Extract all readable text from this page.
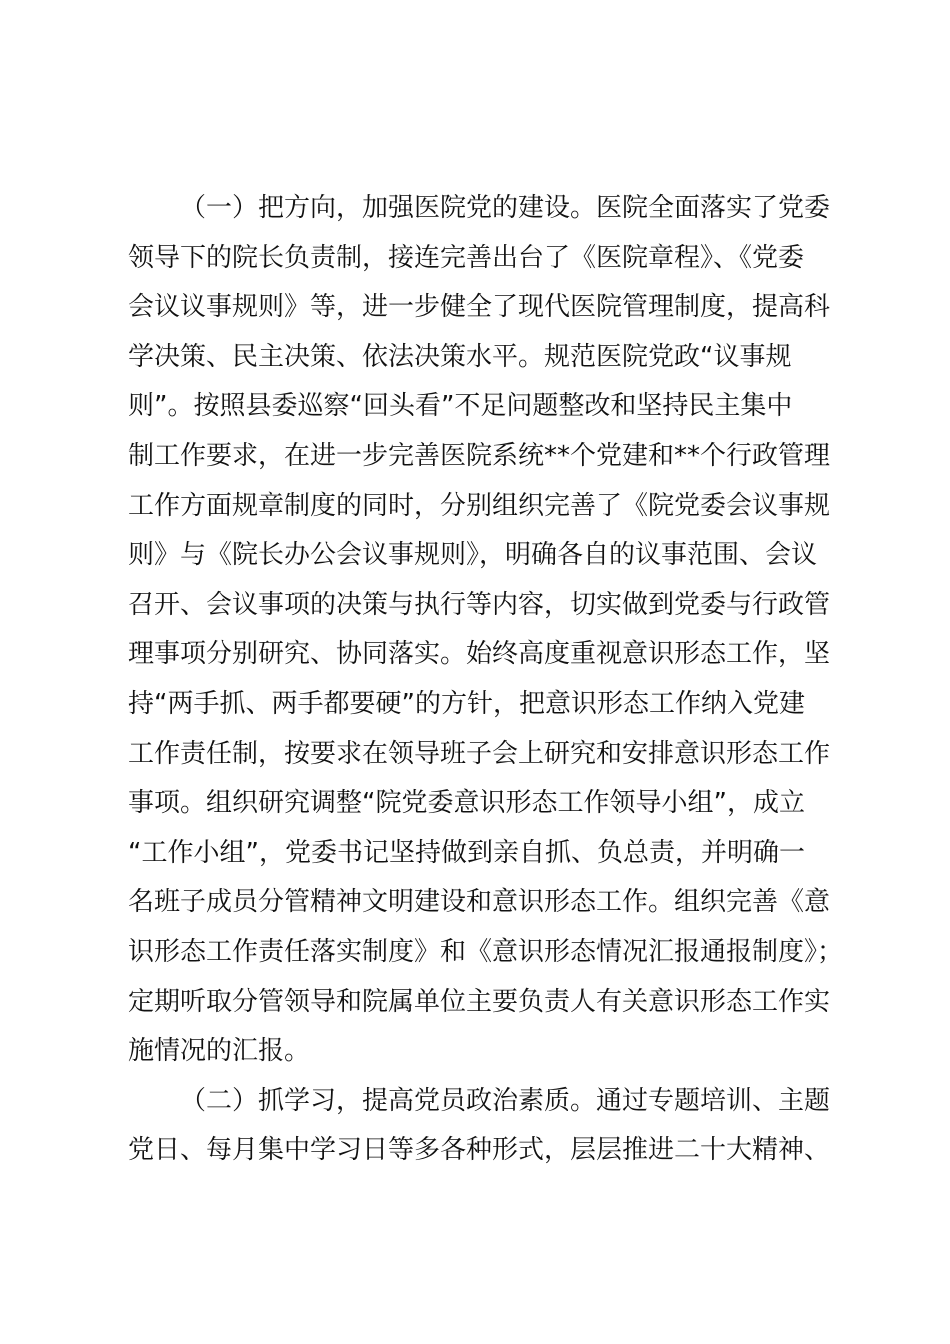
（一）把方向，加强医院党的建设。医院全面落实了党委
领导下的院长负责制，接连完善出台了《医院章程》、《党委
会议议事规则》等，进一步健全了现代医院管理制度，提高科
学决策、民主决策、依法决策水平。规范医院党政“议事规
则”。按照县委巡察“回头看”不足问题整改和坚持民主集中
制工作要求，在进一步完善医院系统**个党建和**个行政管理
工作方面规章制度的同时，分别组织完善了《院党委会议事规
则》与《院长办公会议事规则》，明确各自的议事范围、会议
召开、会议事项的决策与执行等内容，切实做到党委与行政管
理事项分别研究、协同落实。始终高度重视意识形态工作，坚
持“两手抓、两手都要硬”的方针，把意识形态工作纳入党建
工作责任制，按要求在领导班子会上研究和安排意识形态工作
事项。组织研究调整“院党委意识形态工作领导小组”，成立
“工作小组”，党委书记坚持做到亲自抓、负总责，并明确一
名班子成员分管精神文明建设和意识形态工作。组织完善《意
识形态工作责任落实制度》和《意识形态情况汇报通报制度》；
定期听取分管领导和院属单位主要负责人有关意识形态工作实
施情况的汇报。
（二）抓学习，提高党员政治素质。通过专题培训、主题
党日、每月集中学习日等多各种形式，层层推进二十大精神、
